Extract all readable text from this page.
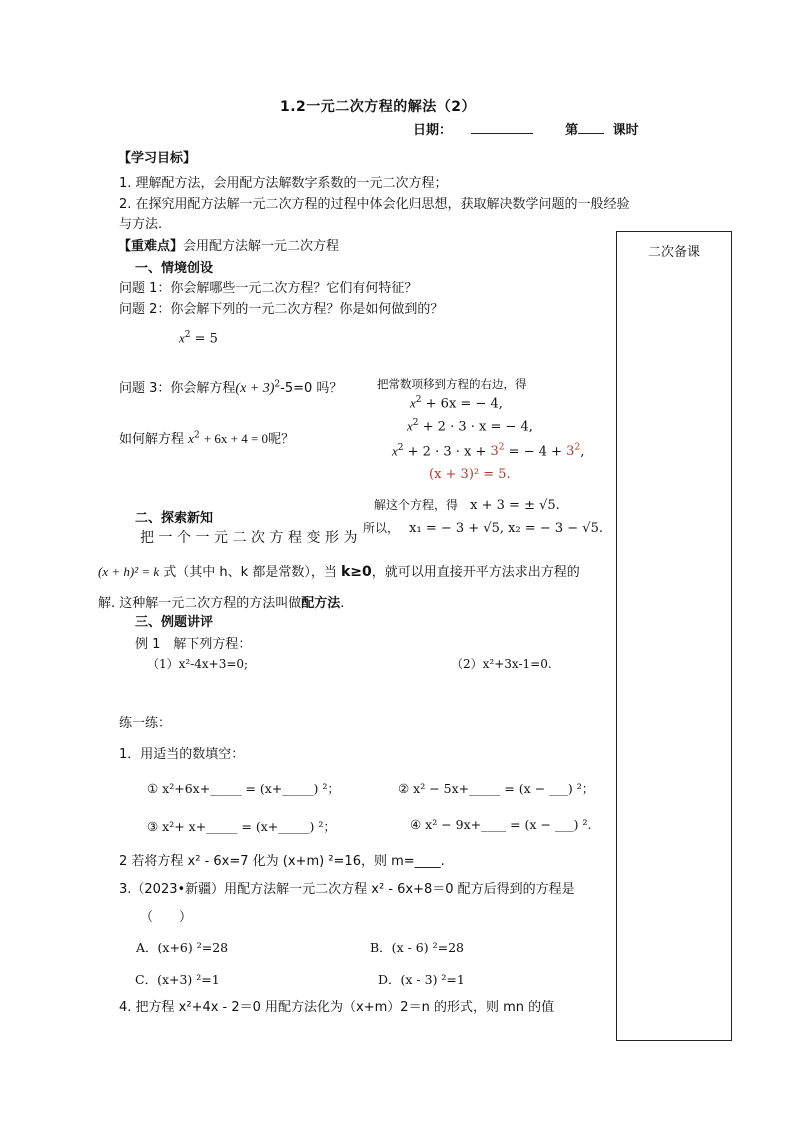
1.2一元二次方程的解法（2）
日期：	第	课时
【学习目标】
1. 理解配方法，会用配方法解数字系数的一元二次方程；
2. 在探究用配方法解一元二次方程的过程中体会化归思想，获取解决数学问题的一般经验
与方法.
【重难点】会用配方法解一元二次方程	二次备课
一、情境创设
问题 1：你会解哪些一元二次方程？它们有何特征？
问题 2：你会解下列的一元二次方程？你是如何做到的？
$x^2 = 5$
问题 3：你会解方程$(x + 3)^2-5=0$ 吗？
如何解方程 $x^2 + 6x + 4 = 0$呢？
把常数项移到方程的右边，得
$x^2 + 6x$ = − 4,
$x^2 + 2 \cdot 3 \cdot x$ = − 4,
$x^2 + 2 \cdot 3 \cdot x + 3^2$ = − $4 + 3^2$,
(x + 3)² = 5.
解这个方程，得 x + 3 = ± √5.
所以， x₁ = − 3 + √5, x₂ = − 3 − √5.
二、探索新知
把一个一元二次方程变形为
(x + h)² = k 式（其中 h、k 都是常数），当 k≥0，就可以用直接开平方法求出方程的
解. 这种解一元二次方程的方法叫做配方法.
三、例题讲评
例 1　解下列方程：
（1）x²-4x+3=0;	（2）x²+3x-1=0.
练一练：
1．用适当的数填空：
① x²+6x+_____ = (x+_____) ²；	② x² − 5x+_____ = (x − ___) ²；
③ x²+ x+_____ = (x+_____) ²；	④ x² − 9x+____ = (x − ___) ².
2 若将方程 x² - 6x=7 化为 (x+m) ²=16，则 m=____.
3.（2023•新疆）用配方法解一元二次方程 x² - 6x+8＝0 配方后得到的方程是
（　　）
A．(x+6) ²=28	B．(x - 6) ²=28
C．(x+3) ²=1	D．(x - 3) ²=1
4. 把方程 x²+4x - 2＝0 用配方法化为（x+m）2＝n 的形式，则 mn 的值
